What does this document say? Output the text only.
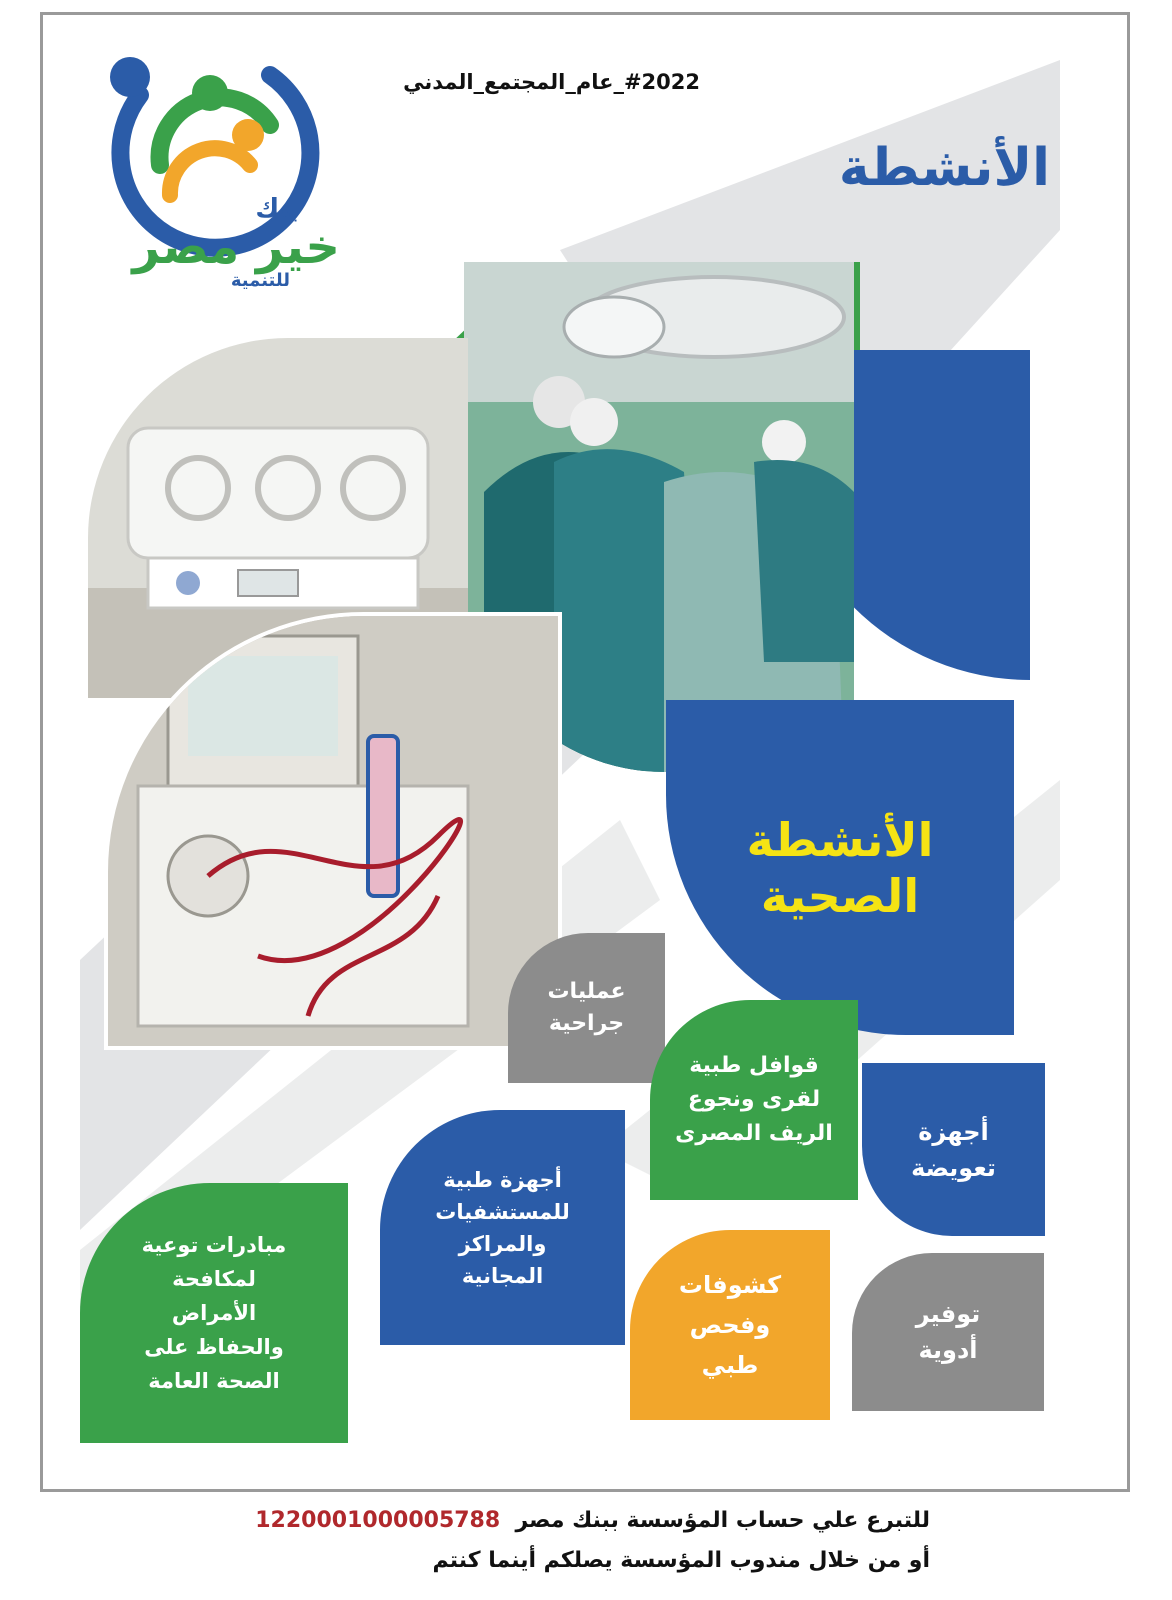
#2022_عام_المجتمع_المدني
الأنشطة
بنك
خير مصر
للتنمية
الأنشطة
الصحية
عمليات
جراحية
قوافل طبية
لقرى ونجوع
الريف المصرى	أجهزة
تعويضة
أجهزة طبية
للمستشفيات
والمراكز
المجانية
مبادرات توعية
لمكافحة
الأمراض
والحفاظ على
الصحة العامة
كشوفات
وفحص
طبي
توفير
أدوية
للتبرع علي حساب المؤسسة ببنك مصر  1220001000005788
أو من خلال مندوب المؤسسة يصلكم أينما كنتم
